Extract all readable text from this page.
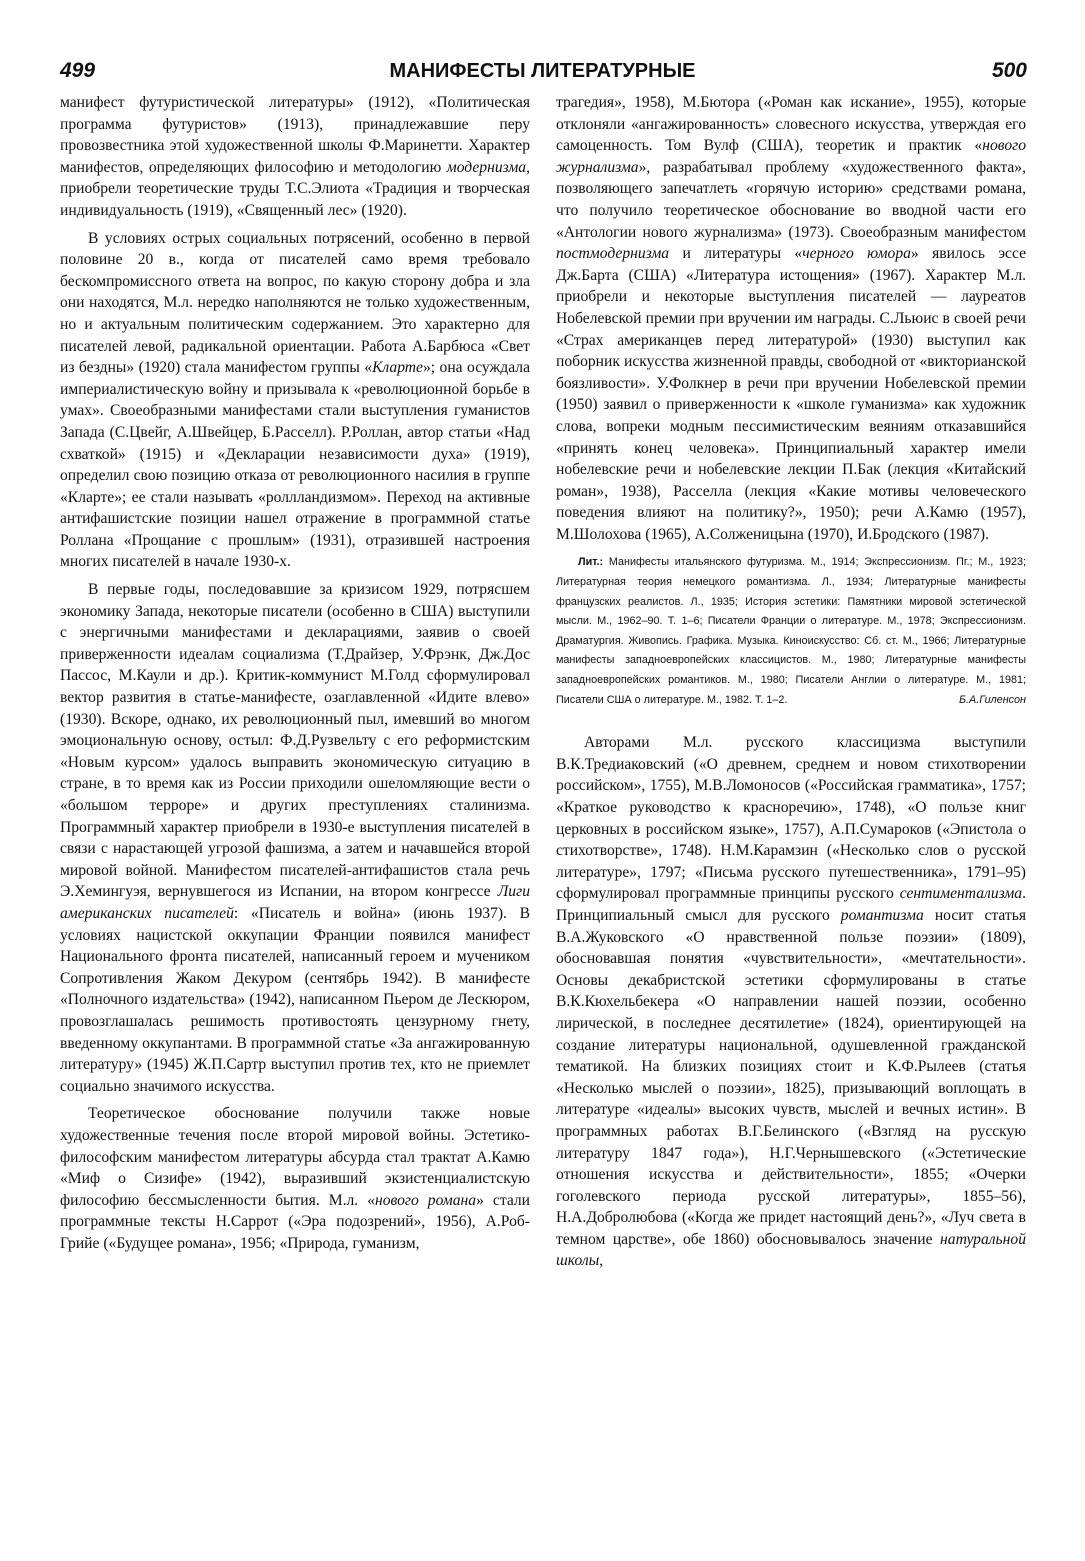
499	МАНИФЕСТЫ ЛИТЕРАТУРНЫЕ	500

манифест футуристической литературы» (1912), «Политическая программа футуристов» (1913), принадлежавшие перу провозвестника этой художественной школы Ф.Маринетти. Характер манифестов, определяющих философию и методологию модернизма, приобрели теоретические труды Т.С.Элиота «Традиция и творческая индивидуальность (1919), «Священный лес» (1920).

В условиях острых социальных потрясений, особенно в первой половине 20 в., когда от писателей само время требовало бескомпромиссного ответа на вопрос, по какую сторону добра и зла они находятся, М.л. нередко наполняются не только художественным, но и актуальным политическим содержанием. Это характерно для писателей левой, радикальной ориентации. Работа А.Барбюса «Свет из бездны» (1920) стала манифестом группы «Кларте»; она осуждала империалистическую войну и призывала к «революционной борьбе в умах». Своеобразными манифестами стали выступления гуманистов Запада (С.Цвейг, А.Швейцер, Б.Расселл). Р.Роллан, автор статьи «Над схваткой» (1915) и «Декларации независимости духа» (1919), определил свою позицию отказа от революционного насилия в группе «Кларте»; ее стали называть «роллландизмом». Переход на активные антифашистские позиции нашел отражение в программной статье Роллана «Прощание с прошлым» (1931), отразившей настроения многих писателей в начале 1930-х.

В первые годы, последовавшие за кризисом 1929, потрясшем экономику Запада, некоторые писатели (особенно в США) выступили с энергичными манифестами и декларациями, заявив о своей приверженности идеалам социализма (Т.Драйзер, У.Фрэнк, Дж.Дос Пассос, М.Каули и др.). Критик-коммунист М.Голд сформулировал вектор развития в статье-манифесте, озаглавленной «Идите влево» (1930). Вскоре, однако, их революционный пыл, имевший во многом эмоциональную основу, остыл: Ф.Д.Рузвельту с его реформистским «Новым курсом» удалось выправить экономическую ситуацию в стране, в то время как из России приходили ошеломляющие вести о «большом терроре» и других преступлениях сталинизма. Программный характер приобрели в 1930-е выступления писателей в связи с нарастающей угрозой фашизма, а затем и начавшейся второй мировой войной. Манифестом писателей-антифашистов стала речь Э.Хемингуэя, вернувшегося из Испании, на втором конгрессе Лиги американских писателей: «Писатель и война» (июнь 1937). В условиях нацистской оккупации Франции появился манифест Национального фронта писателей, написанный героем и мучеником Сопротивления Жаком Декуром (сентябрь 1942). В манифесте «Полночного издательства» (1942), написанном Пьером де Лескюром, провозглашалась решимость противостоять цензурному гнету, введенному оккупантами. В программной статье «За ангажированную литературу» (1945) Ж.П.Сартр выступил против тех, кто не приемлет социально значимого искусства.

Теоретическое обоснование получили также новые художественные течения после второй мировой войны. Эстетико-философским манифестом литературы абсурда стал трактат А.Камю «Миф о Сизифе» (1942), выразивший экзистенциалистскую философию бессмысленности бытия. М.л. «нового романа» стали программные тексты Н.Саррот («Эра подозрений», 1956), А.Роб-Грийе («Будущее романа», 1956; «Природа, гуманизм,

трагедия», 1958), М.Бютора («Роман как искание», 1955), которые отклоняли «ангажированность» словесного искусства, утверждая его самоценность. Том Вулф (США), теоретик и практик «нового журнализма», разрабатывал проблему «художественного факта», позволяющего запечатлеть «горячую историю» средствами романа, что получило теоретическое обоснование во вводной части его «Антологии нового журнализма» (1973). Своеобразным манифестом постмодернизма и литературы «черного юмора» явилось эссе Дж.Барта (США) «Литература истощения» (1967). Характер М.л. приобрели и некоторые выступления писателей — лауреатов Нобелевской премии при вручении им награды. С.Льюис в своей речи «Страх американцев перед литературой» (1930) выступил как поборник искусства жизненной правды, свободной от «викторианской боязливости». У.Фолкнер в речи при вручении Нобелевской премии (1950) заявил о приверженности к «школе гуманизма» как художник слова, вопреки модным пессимистическим веяниям отказавшийся «принять конец человека». Принципиальный характер имели нобелевские речи и нобелевские лекции П.Бак (лекция «Китайский роман», 1938), Расселла (лекция «Какие мотивы человеческого поведения влияют на политику?», 1950); речи А.Камю (1957), М.Шолохова (1965), А.Солженицына (1970), И.Бродского (1987).

Лит.: Манифесты итальянского футуризма. М., 1914; Экспрессионизм. Пг.; М., 1923; Литературная теория немецкого романтизма. Л., 1934; Литературные манифесты французских реалистов. Л., 1935; История эстетики: Памятники мировой эстетической мысли. М., 1962–90. Т. 1–6; Писатели Франции о литературе. М., 1978; Экспрессионизм. Драматургия. Живопись. Графика. Музыка. Киноискусство: Сб. ст. М., 1966; Литературные манифесты западноевропейских классицистов. М., 1980; Литературные манифесты западноевропейских романтиков. М., 1980; Писатели Англии о литературе. М., 1981; Писатели США о литературе. М., 1982. Т. 1–2.	Б.А.Гиленсон

Авторами М.л. русского классицизма выступили В.К.Тредиаковский («О древнем, среднем и новом стихотворении российском», 1755), М.В.Ломоносов («Российская грамматика», 1757; «Краткое руководство к красноречию», 1748), «О пользе книг церковных в российском языке», 1757), А.П.Сумароков («Эпистола о стихотворстве», 1748). Н.М.Карамзин («Несколько слов о русской литературе», 1797; «Письма русского путешественника», 1791–95) сформулировал программные принципы русского сентиментализма. Принципиальный смысл для русского романтизма носит статья В.А.Жуковского «О нравственной пользе поэзии» (1809), обосновавшая понятия «чувствительности», «мечтательности». Основы декабристской эстетики сформулированы в статье В.К.Кюхельбекера «О направлении нашей поэзии, особенно лирической, в последнее десятилетие» (1824), ориентирующей на создание литературы национальной, одушевленной гражданской тематикой. На близких позициях стоит и К.Ф.Рылеев (статья «Несколько мыслей о поэзии», 1825), призывающий воплощать в литературе «идеалы» высоких чувств, мыслей и вечных истин». В программных работах В.Г.Белинского («Взгляд на русскую литературу 1847 года»), Н.Г.Чернышевского («Эстетические отношения искусства и действительности», 1855; «Очерки гоголевского периода русской литературы», 1855–56), Н.А.Добролюбова («Когда же придет настоящий день?», «Луч света в темном царстве», обе 1860) обосновывалось значение натуральной школы,
